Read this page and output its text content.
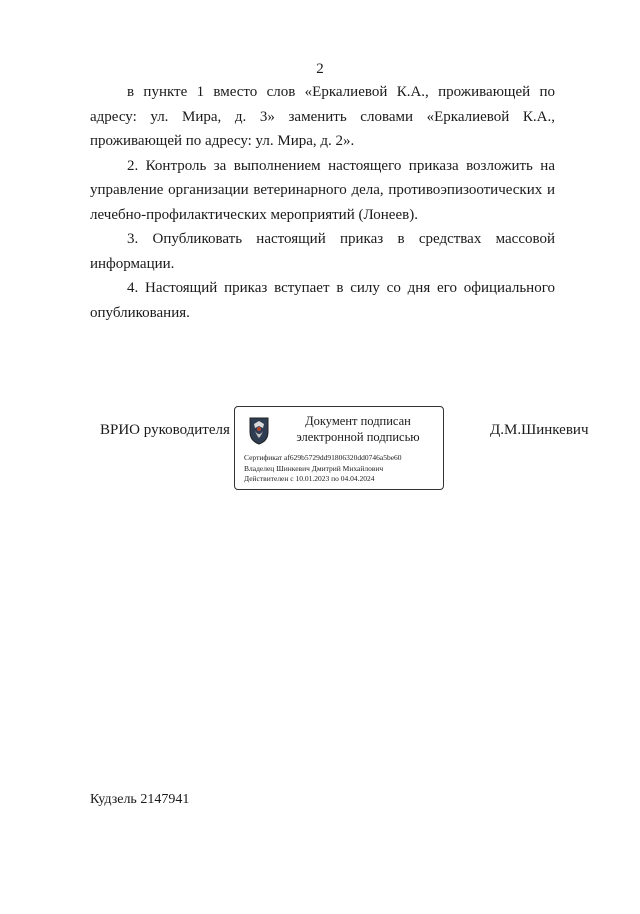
2

в пункте 1 вместо слов «Еркалиевой К.А., проживающей по адресу: ул. Мира, д. 3» заменить словами «Еркалиевой К.А., проживающей по адресу: ул. Мира, д. 2».

2. Контроль за выполнением настоящего приказа возложить на управление организации ветеринарного дела, противоэпизоотических и лечебно-профилактических мероприятий (Лонеев).

3. Опубликовать настоящий приказ в средствах массовой информации.

4. Настоящий приказ вступает в силу со дня его официального опубликования.

ВРИО руководителя
Документ подписан
электронной подписью
Сертификат af629b5729dd91806320dd0746a5be60
Владелец Шинкевич Дмитрий Михайлович
Действителен с 10.01.2023 по 04.04.2024
Д.М.Шинкевич
Кудзель 2147941
